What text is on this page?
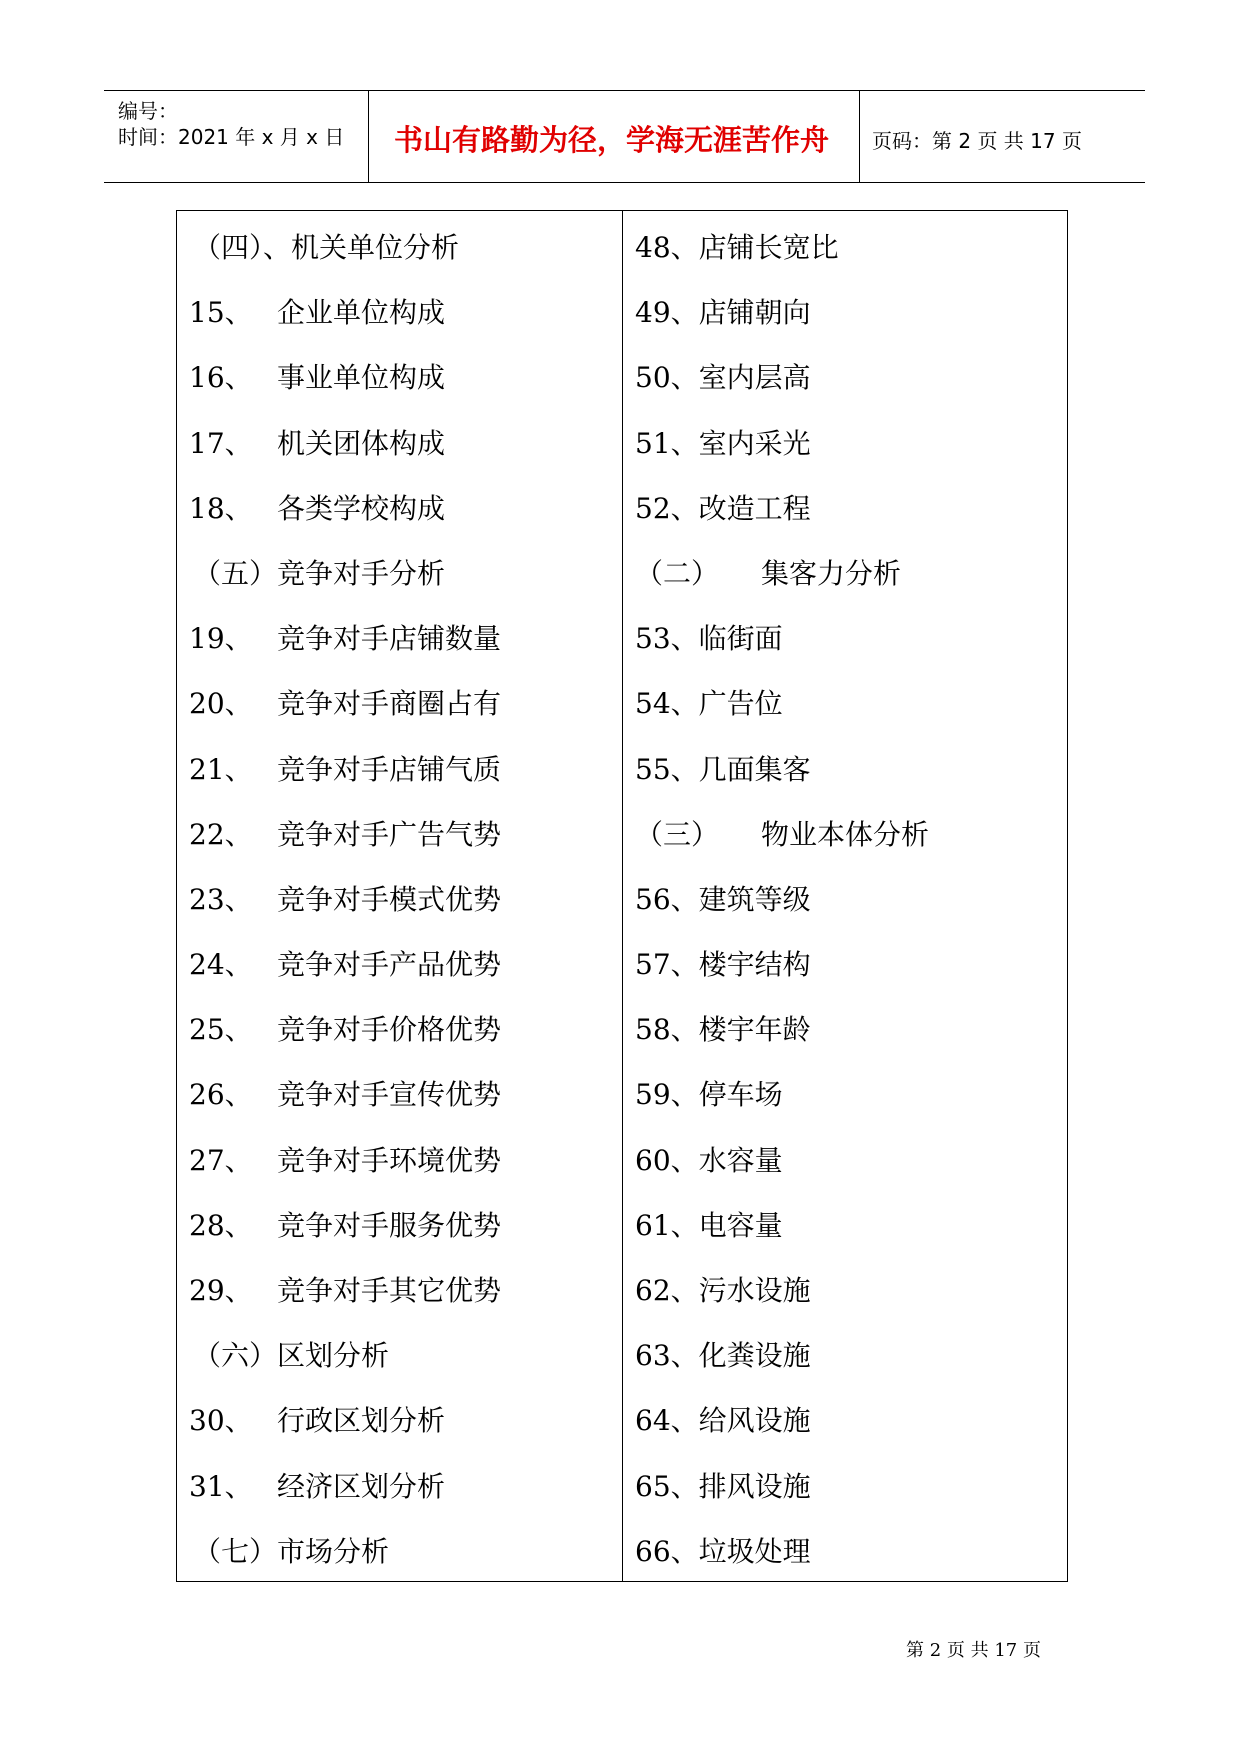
编号：
时间：2021 年 x 月 x 日 书山有路勤为径，学海无涯苦作舟 页码：第 2 页 共 17 页
（四）、机关单位分析
15、 企业单位构成
16、 事业单位构成
17、 机关团体构成
18、 各类学校构成
（五）竞争对手分析
19、 竞争对手店铺数量
20、 竞争对手商圈占有
21、 竞争对手店铺气质
22、 竞争对手广告气势
23、 竞争对手模式优势
24、 竞争对手产品优势
25、 竞争对手价格优势
26、 竞争对手宣传优势
27、 竞争对手环境优势
28、 竞争对手服务优势
29、 竞争对手其它优势
（六）区划分析
30、 行政区划分析
31、 经济区划分析
（七）市场分析
48、店铺长宽比
49、店铺朝向
50、室内层高
51、室内采光
52、改造工程
（二） 集客力分析
53、临街面
54、广告位
55、几面集客
（三） 物业本体分析
56、建筑等级
57、楼宇结构
58、楼宇年龄
59、停车场
60、水容量
61、电容量
62、污水设施
63、化粪设施
64、给风设施
65、排风设施
66、垃圾处理
第 2 页 共 17 页
